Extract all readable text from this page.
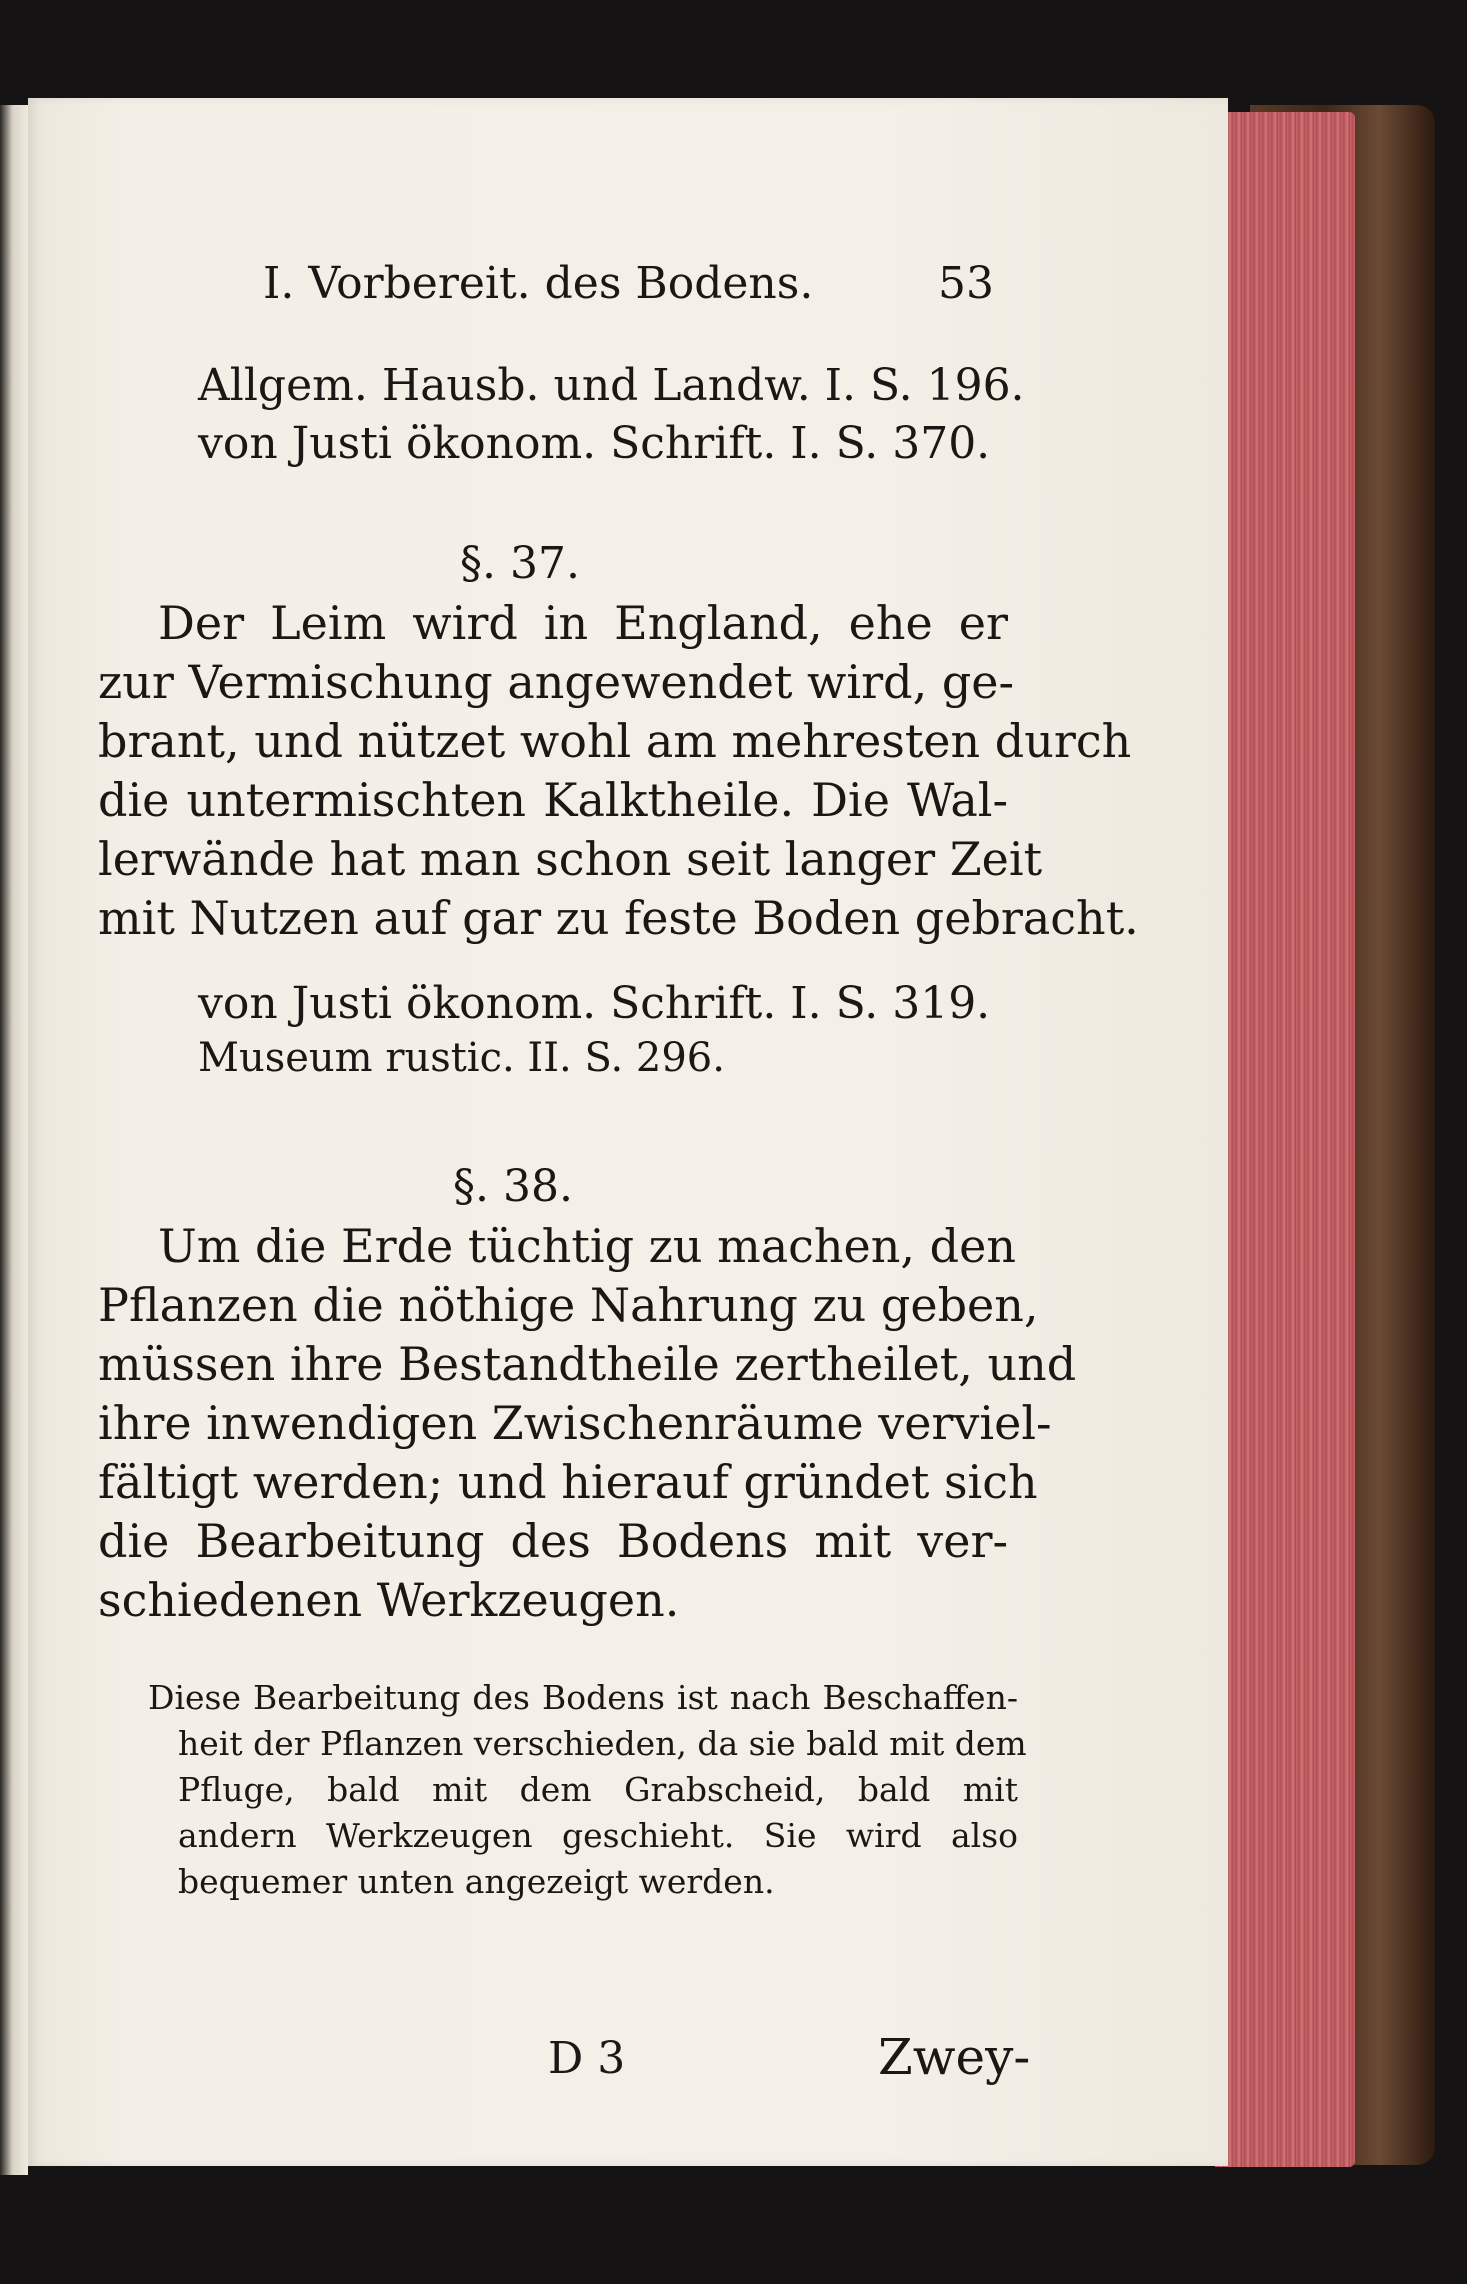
I. Vorbereit. des Bodens.	53
Allgem. Hausb. und Landw. I. S. 196.
von Justi ökonom. Schrift. I. S. 370.
§. 37.
Der Leim wird in England, ehe er
zur Vermischung angewendet wird, ge-
brant, und nützet wohl am mehresten durch
die untermischten Kalktheile. Die Wal-
lerwände hat man schon seit langer Zeit
mit Nutzen auf gar zu feste Boden gebracht.
von Justi ökonom. Schrift. I. S. 319.
Museum rustic. II. S. 296.
§. 38.
Um die Erde tüchtig zu machen, den
Pflanzen die nöthige Nahrung zu geben,
müssen ihre Bestandtheile zertheilet, und
ihre inwendigen Zwischenräume verviel-
fältigt werden; und hierauf gründet sich
die Bearbeitung des Bodens mit ver-
schiedenen Werkzeugen.
Diese Bearbeitung des Bodens ist nach Beschaffen-
heit der Pflanzen verschieden, da sie bald mit dem
Pfluge, bald mit dem Grabscheid, bald mit
andern Werkzeugen geschieht. Sie wird also
bequemer unten angezeigt werden.
D 3	Zwey-
